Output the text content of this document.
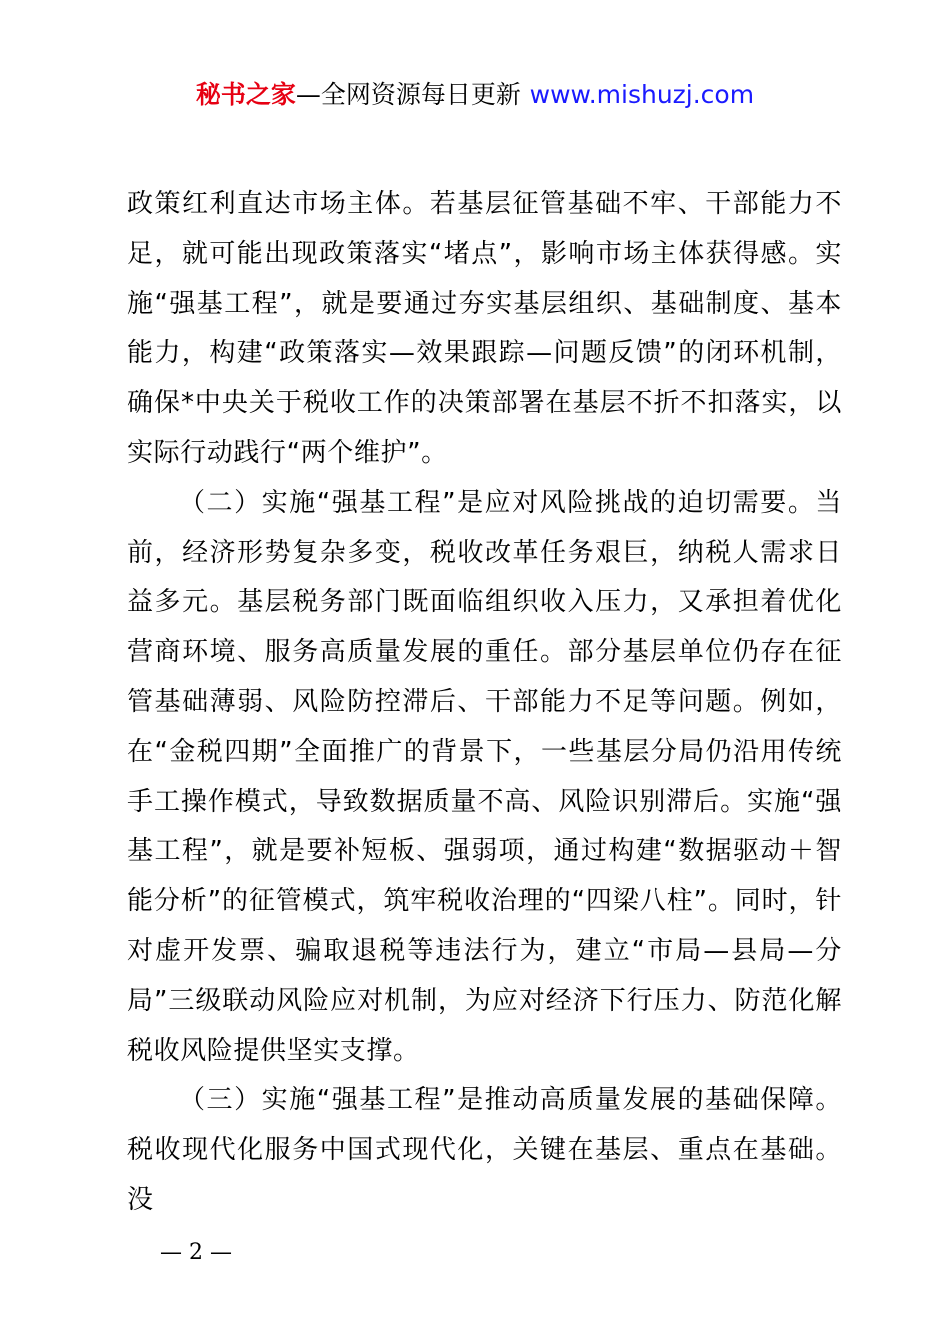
秘书之家—全网资源每日更新 www.mishuzj.com

政策红利直达市场主体。若基层征管基础不牢、干部能力不足，就可能出现政策落实“堵点”，影响市场主体获得感。实施“强基工程”，就是要通过夯实基层组织、基础制度、基本能力，构建“政策落实—效果跟踪—问题反馈”的闭环机制，确保*中央关于税收工作的决策部署在基层不折不扣落实，以实际行动践行“两个维护”。

（二）实施“强基工程”是应对风险挑战的迫切需要。当前，经济形势复杂多变，税收改革任务艰巨，纳税人需求日益多元。基层税务部门既面临组织收入压力，又承担着优化营商环境、服务高质量发展的重任。部分基层单位仍存在征管基础薄弱、风险防控滞后、干部能力不足等问题。例如，在“金税四期”全面推广的背景下，一些基层分局仍沿用传统手工操作模式，导致数据质量不高、风险识别滞后。实施“强基工程”，就是要补短板、强弱项，通过构建“数据驱动＋智能分析”的征管模式，筑牢税收治理的“四梁八柱”。同时，针对虚开发票、骗取退税等违法行为，建立“市局—县局—分局”三级联动风险应对机制，为应对经济下行压力、防范化解税收风险提供坚实支撑。

（三）实施“强基工程”是推动高质量发展的基础保障。税收现代化服务中国式现代化，关键在基层、重点在基础。没

— 2 —
